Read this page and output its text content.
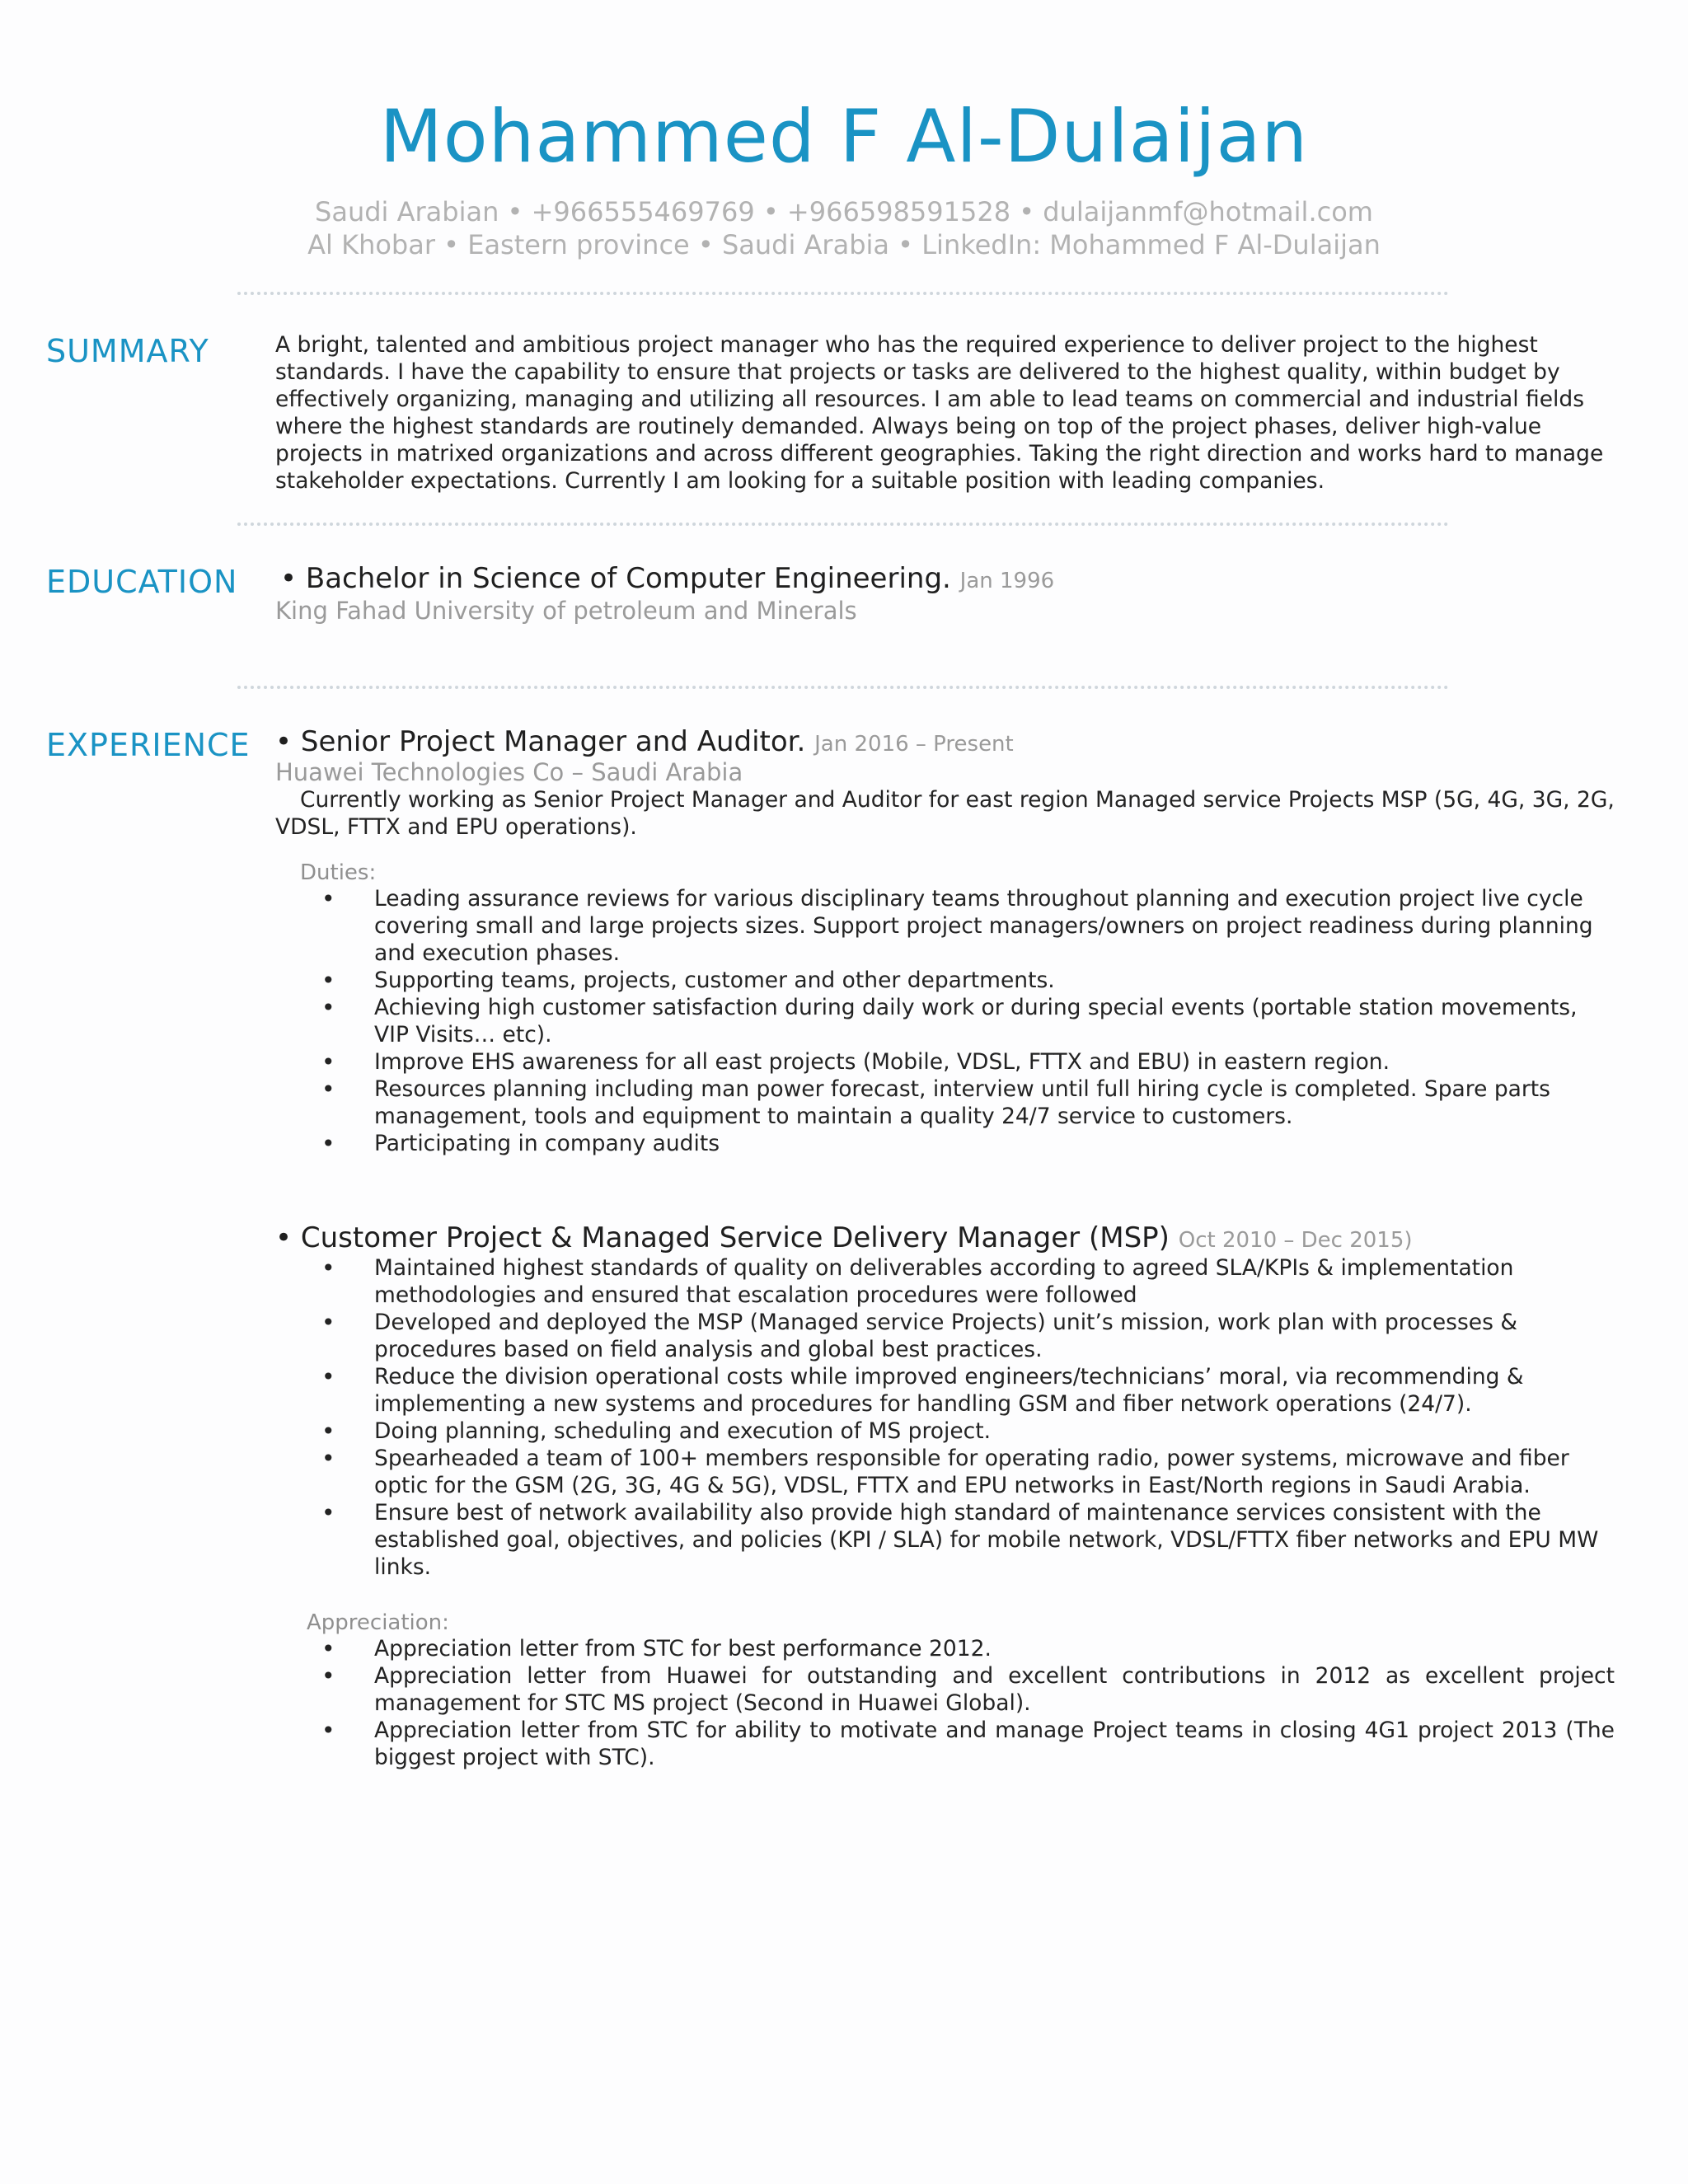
Mohammed F Al-Dulaijan
Saudi Arabian • +966555469769 • +966598591528 • dulaijanmf@hotmail.com
Al Khobar • Eastern province • Saudi Arabia • LinkedIn: Mohammed F Al-Dulaijan
SUMMARY	A bright, talented and ambitious project manager who has the required experience to deliver project to the highest standards. I have the capability to ensure that projects or tasks are delivered to the highest quality, within budget by effectively organizing, managing and utilizing all resources. I am able to lead teams on commercial and industrial fields where the highest standards are routinely demanded. Always being on top of the project phases, deliver high-value projects in matrixed organizations and across different geographies. Taking the right direction and works hard to manage stakeholder expectations. Currently I am looking for a suitable position with leading companies.
EDUCATION • Bachelor in Science of Computer Engineering. Jan 1996
King Fahad University of petroleum and Minerals
EXPERIENCE • Senior Project Manager and Auditor. Jan 2016 – Present
Huawei Technologies Co – Saudi Arabia
Currently working as Senior Project Manager and Auditor for east region Managed service Projects MSP (5G, 4G, 3G, 2G, VDSL, FTTX and EPU operations).
Duties:
• Leading assurance reviews for various disciplinary teams throughout planning and execution project live cycle covering small and large projects sizes. Support project managers/owners on project readiness during planning and execution phases.
• Supporting teams, projects, customer and other departments.
• Achieving high customer satisfaction during daily work or during special events (portable station movements, VIP Visits… etc).
• Improve EHS awareness for all east projects (Mobile, VDSL, FTTX and EBU) in eastern region.
• Resources planning including man power forecast, interview until full hiring cycle is completed. Spare parts management, tools and equipment to maintain a quality 24/7 service to customers.
• Participating in company audits
• Customer Project & Managed Service Delivery Manager (MSP) Oct 2010 – Dec 2015)
• Maintained highest standards of quality on deliverables according to agreed SLA/KPIs & implementation methodologies and ensured that escalation procedures were followed
• Developed and deployed the MSP (Managed service Projects) unit’s mission, work plan with processes & procedures based on field analysis and global best practices.
• Reduce the division operational costs while improved engineers/technicians’ moral, via recommending & implementing a new systems and procedures for handling GSM and fiber network operations (24/7).
• Doing planning, scheduling and execution of MS project.
• Spearheaded a team of 100+ members responsible for operating radio, power systems, microwave and fiber optic for the GSM (2G, 3G, 4G & 5G), VDSL, FTTX and EPU networks in East/North regions in Saudi Arabia.
• Ensure best of network availability also provide high standard of maintenance services consistent with the established goal, objectives, and policies (KPI / SLA) for mobile network, VDSL/FTTX fiber networks and EPU MW links.
Appreciation:
• Appreciation letter from STC for best performance 2012.
• Appreciation letter from Huawei for outstanding and excellent contributions in 2012 as excellent project management for STC MS project (Second in Huawei Global).
• Appreciation letter from STC for ability to motivate and manage Project teams in closing 4G1 project 2013 (The biggest project with STC).
